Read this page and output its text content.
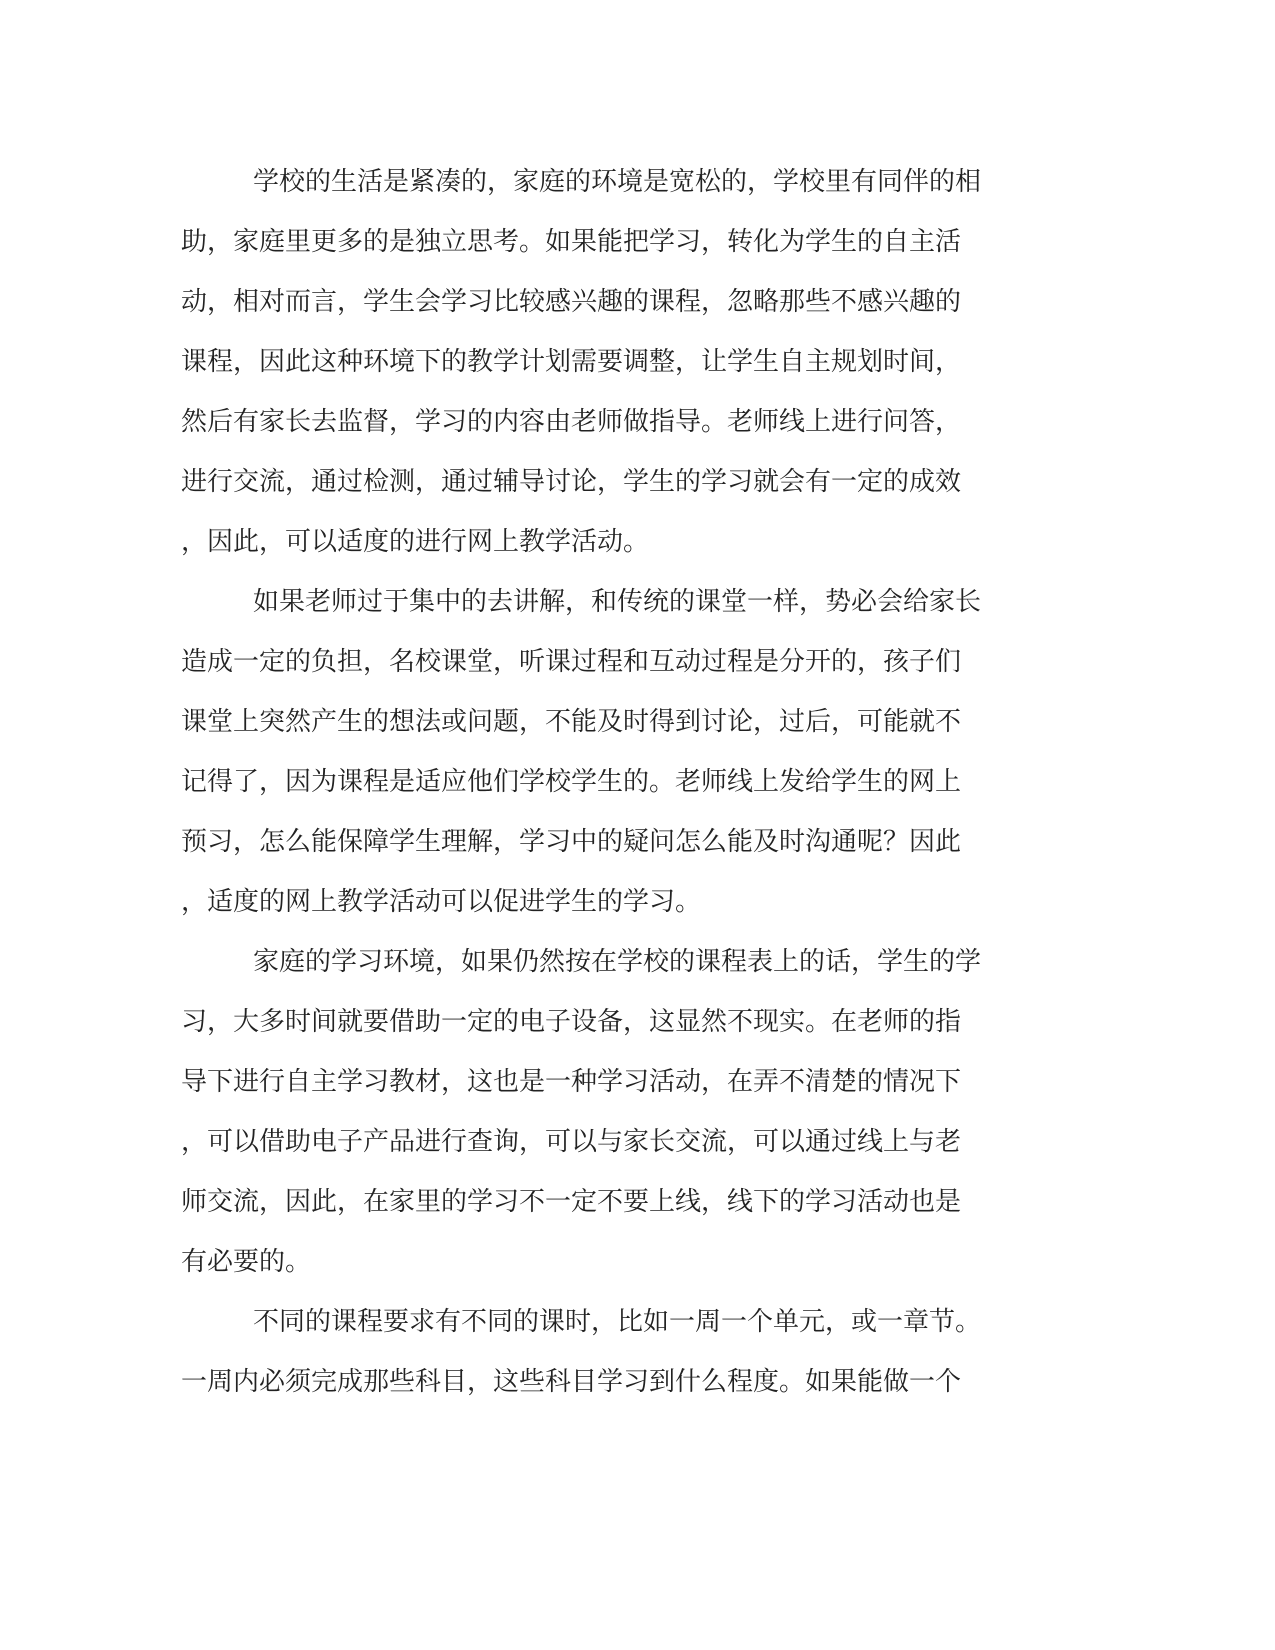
学校的生活是紧凑的，家庭的环境是宽松的，学校里有同伴的相
助，家庭里更多的是独立思考。如果能把学习，转化为学生的自主活
动，相对而言，学生会学习比较感兴趣的课程，忽略那些不感兴趣的
课程，因此这种环境下的教学计划需要调整，让学生自主规划时间，
然后有家长去监督，学习的内容由老师做指导。老师线上进行问答，
进行交流，通过检测，通过辅导讨论，学生的学习就会有一定的成效
，因此，可以适度的进行网上教学活动。
如果老师过于集中的去讲解，和传统的课堂一样，势必会给家长
造成一定的负担，名校课堂，听课过程和互动过程是分开的，孩子们
课堂上突然产生的想法或问题，不能及时得到讨论，过后，可能就不
记得了，因为课程是适应他们学校学生的。老师线上发给学生的网上
预习，怎么能保障学生理解，学习中的疑问怎么能及时沟通呢？因此
，适度的网上教学活动可以促进学生的学习。
家庭的学习环境，如果仍然按在学校的课程表上的话，学生的学
习，大多时间就要借助一定的电子设备，这显然不现实。在老师的指
导下进行自主学习教材，这也是一种学习活动，在弄不清楚的情况下
，可以借助电子产品进行查询，可以与家长交流，可以通过线上与老
师交流，因此，在家里的学习不一定不要上线，线下的学习活动也是
有必要的。
不同的课程要求有不同的课时，比如一周一个单元，或一章节。
一周内必须完成那些科目，这些科目学习到什么程度。如果能做一个
